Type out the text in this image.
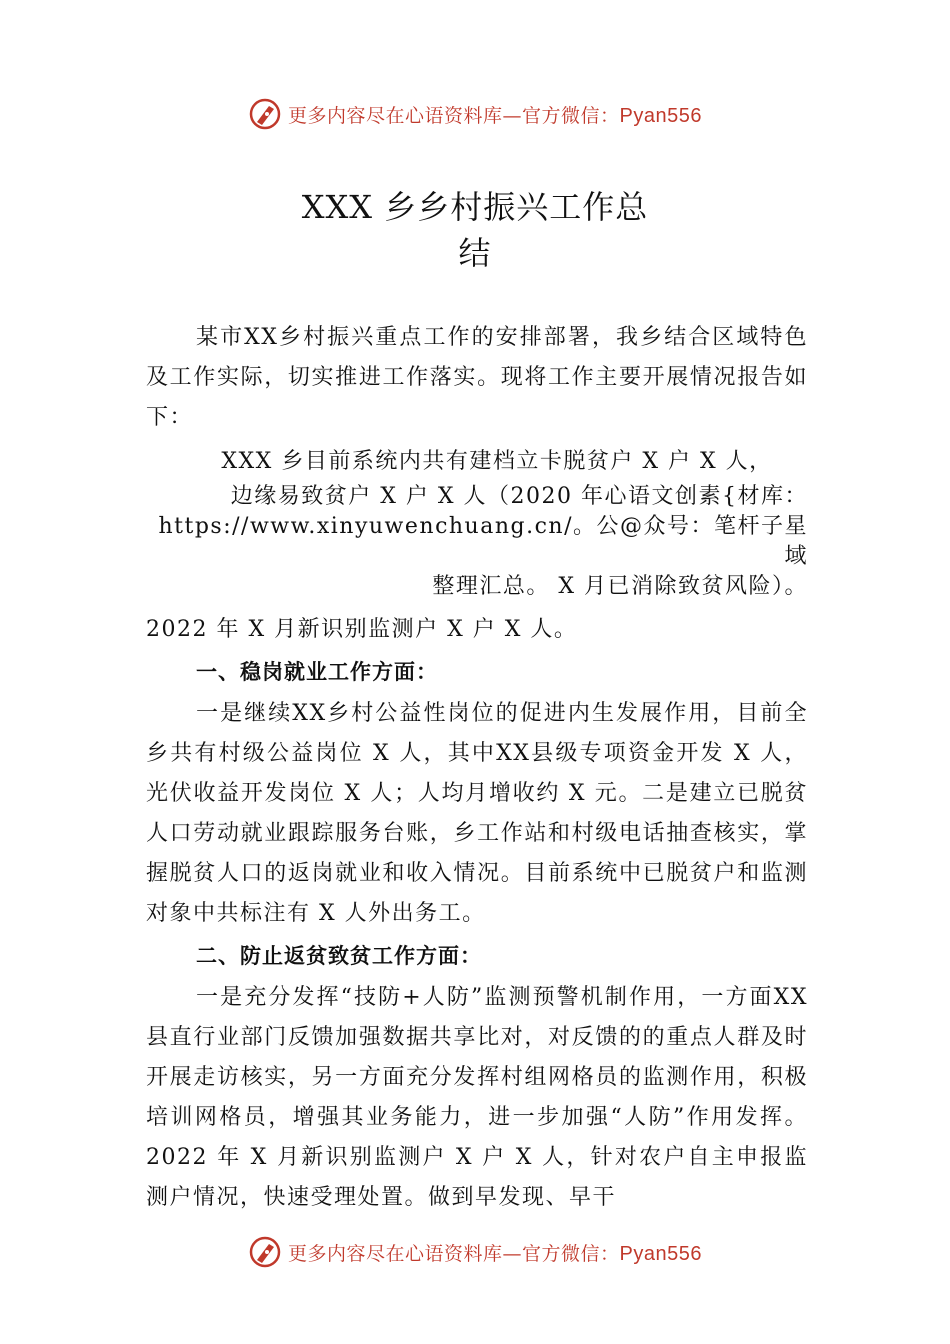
更多内容尽在心语资料库—官方微信：Pyan556
XXX 乡乡村振兴工作总
结

某市XX乡村振兴重点工作的安排部署，我乡结合区域特色及工作实际，切实推进工作落实。现将工作主要开展情况报告如下：

XXX 乡目前系统内共有建档立卡脱贫户 X 户 X 人，
边缘易致贫户 X 户 X 人（2020 年心语文创素{材库：
https://www.xinyuwenchuang.cn/。公@众号：笔杆子星域
整理汇总。 X 月已消除致贫风险）。

2022 年 X 月新识别监测户 X 户 X 人。

一、稳岗就业工作方面：

一是继续XX乡村公益性岗位的促进内生发展作用，目前全乡共有村级公益岗位 X 人，其中XX县级专项资金开发 X 人，光伏收益开发岗位 X 人；人均月增收约 X 元。二是建立已脱贫人口劳动就业跟踪服务台账，乡工作站和村级电话抽查核实，掌握脱贫人口的返岗就业和收入情况。目前系统中已脱贫户和监测对象中共标注有 X 人外出务工。

二、防止返贫致贫工作方面：

一是充分发挥“技防+人防”监测预警机制作用，一方面XX县直行业部门反馈加强数据共享比对，对反馈的的重点人群及时开展走访核实，另一方面充分发挥村组网格员的监测作用，积极培训网格员，增强其业务能力，进一步加强“人防”作用发挥。2022 年 X 月新识别监测户 X 户 X 人，针对农户自主申报监测户情况，快速受理处置。做到早发现、早干

更多内容尽在心语资料库—官方微信：Pyan556
